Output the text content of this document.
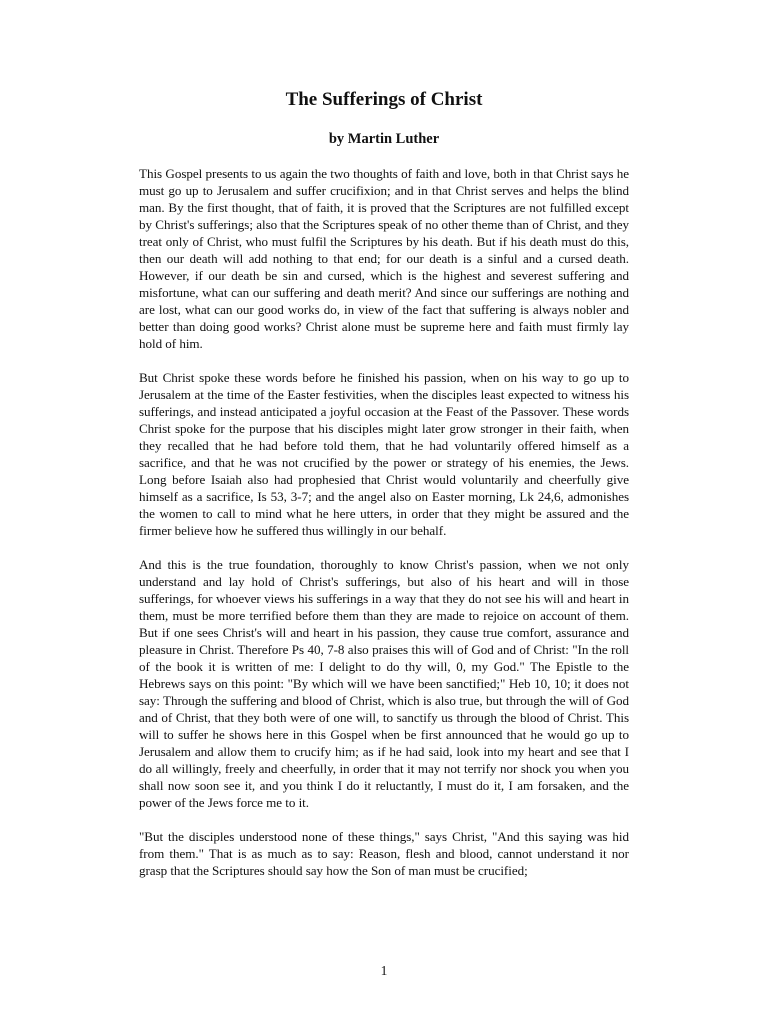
The Sufferings of Christ
by Martin Luther

This Gospel presents to us again the two thoughts of faith and love, both in that Christ says he must go up to Jerusalem and suffer crucifixion; and in that Christ serves and helps the blind man. By the first thought, that of faith, it is proved that the Scriptures are not fulfilled except by Christ's sufferings; also that the Scriptures speak of no other theme than of Christ, and they treat only of Christ, who must fulfil the Scriptures by his death. But if his death must do this, then our death will add nothing to that end; for our death is a sinful and a cursed death. However, if our death be sin and cursed, which is the highest and severest suffering and misfortune, what can our suffering and death merit? And since our sufferings are nothing and are lost, what can our good works do, in view of the fact that suffering is always nobler and better than doing good works? Christ alone must be supreme here and faith must firmly lay hold of him.

But Christ spoke these words before he finished his passion, when on his way to go up to Jerusalem at the time of the Easter festivities, when the disciples least expected to witness his sufferings, and instead anticipated a joyful occasion at the Feast of the Passover. These words Christ spoke for the purpose that his disciples might later grow stronger in their faith, when they recalled that he had before told them, that he had voluntarily offered himself as a sacrifice, and that he was not crucified by the power or strategy of his enemies, the Jews. Long before Isaiah also had prophesied that Christ would voluntarily and cheerfully give himself as a sacrifice, Is 53, 3-7; and the angel also on Easter morning, Lk 24,6, admonishes the women to call to mind what he here utters, in order that they might be assured and the firmer believe how he suffered thus willingly in our behalf.

And this is the true foundation, thoroughly to know Christ's passion, when we not only understand and lay hold of Christ's sufferings, but also of his heart and will in those sufferings, for whoever views his sufferings in a way that they do not see his will and heart in them, must be more terrified before them than they are made to rejoice on account of them. But if one sees Christ's will and heart in his passion, they cause true comfort, assurance and pleasure in Christ. Therefore Ps 40, 7-8 also praises this will of God and of Christ: "In the roll of the book it is written of me: I delight to do thy will, 0, my God." The Epistle to the Hebrews says on this point: "By which will we have been sanctified;" Heb 10, 10; it does not say: Through the suffering and blood of Christ, which is also true, but through the will of God and of Christ, that they both were of one will, to sanctify us through the blood of Christ. This will to suffer he shows here in this Gospel when be first announced that he would go up to Jerusalem and allow them to crucify him; as if he had said, look into my heart and see that I do all willingly, freely and cheerfully, in order that it may not terrify nor shock you when you shall now soon see it, and you think I do it reluctantly, I must do it, I am forsaken, and the power of the Jews force me to it.

"But the disciples understood none of these things," says Christ, "And this saying was hid from them." That is as much as to say: Reason, flesh and blood, cannot understand it nor grasp that the Scriptures should say how the Son of man must be crucified;

1
